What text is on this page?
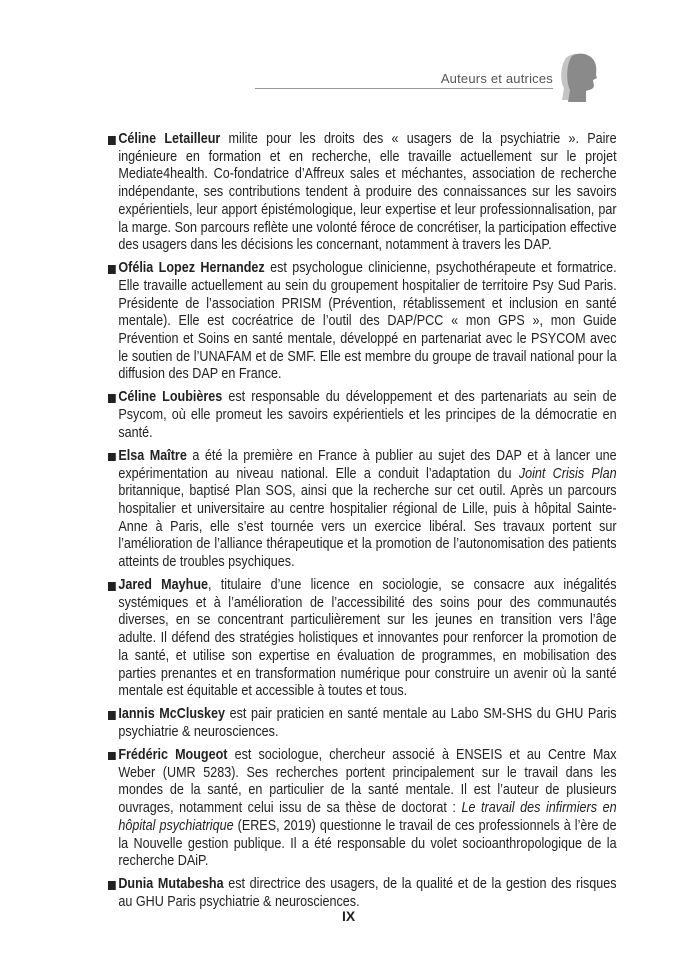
Auteurs et autrices
Céline Letailleur milite pour les droits des « usagers de la psychiatrie ». Paire ingénieure en formation et en recherche, elle travaille actuellement sur le projet Mediate4health. Co-fondatrice d’Affreux sales et méchantes, association de recherche indépendante, ses contributions tendent à produire des connaissances sur les savoirs expérientiels, leur apport épistémologique, leur expertise et leur professionnalisation, par la marge. Son parcours reflète une volonté féroce de concrétiser, la participation effective des usagers dans les décisions les concernant, notamment à travers les DAP.
Ofélia Lopez Hernandez est psychologue clinicienne, psychothérapeute et formatrice. Elle travaille actuellement au sein du groupement hospitalier de territoire Psy Sud Paris. Présidente de l’association PRISM (Prévention, rétablissement et inclusion en santé mentale). Elle est cocréatrice de l’outil des DAP/PCC « mon GPS », mon Guide Prévention et Soins en santé mentale, développé en partenariat avec le PSYCOM avec le soutien de l’UNAFAM et de SMF. Elle est membre du groupe de travail national pour la diffusion des DAP en France.
Céline Loubières est responsable du développement et des partenariats au sein de Psycom, où elle promeut les savoirs expérientiels et les principes de la démocratie en santé.
Elsa Maître a été la première en France à publier au sujet des DAP et à lancer une expérimentation au niveau national. Elle a conduit l’adaptation du Joint Crisis Plan britannique, baptisé Plan SOS, ainsi que la recherche sur cet outil. Après un parcours hospitalier et universitaire au centre hospitalier régional de Lille, puis à hôpital Sainte-Anne à Paris, elle s’est tournée vers un exercice libéral. Ses travaux portent sur l’amélioration de l’alliance thérapeutique et la promotion de l’autonomisation des patients atteints de troubles psychiques.
Jared Mayhue, titulaire d’une licence en sociologie, se consacre aux inégalités systémiques et à l’amélioration de l’accessibilité des soins pour des communautés diverses, en se concentrant particulièrement sur les jeunes en transition vers l’âge adulte. Il défend des stratégies holistiques et innovantes pour renforcer la promotion de la santé, et utilise son expertise en évaluation de programmes, en mobilisation des parties prenantes et en transformation numérique pour construire un avenir où la santé mentale est équitable et accessible à toutes et tous.
Iannis McCluskey est pair praticien en santé mentale au Labo SM-SHS du GHU Paris psychiatrie & neurosciences.
Frédéric Mougeot est sociologue, chercheur associé à ENSEIS et au Centre Max Weber (UMR 5283). Ses recherches portent principalement sur le travail dans les mondes de la santé, en particulier de la santé mentale. Il est l’auteur de plusieurs ouvrages, notamment celui issu de sa thèse de doctorat : Le travail des infirmiers en hôpital psychiatrique (ERES, 2019) questionne le travail de ces professionnels à l’ère de la Nouvelle gestion publique. Il a été responsable du volet socioanthropologique de la recherche DAiP.
Dunia Mutabesha est directrice des usagers, de la qualité et de la gestion des risques au GHU Paris psychiatrie & neurosciences.
IX
